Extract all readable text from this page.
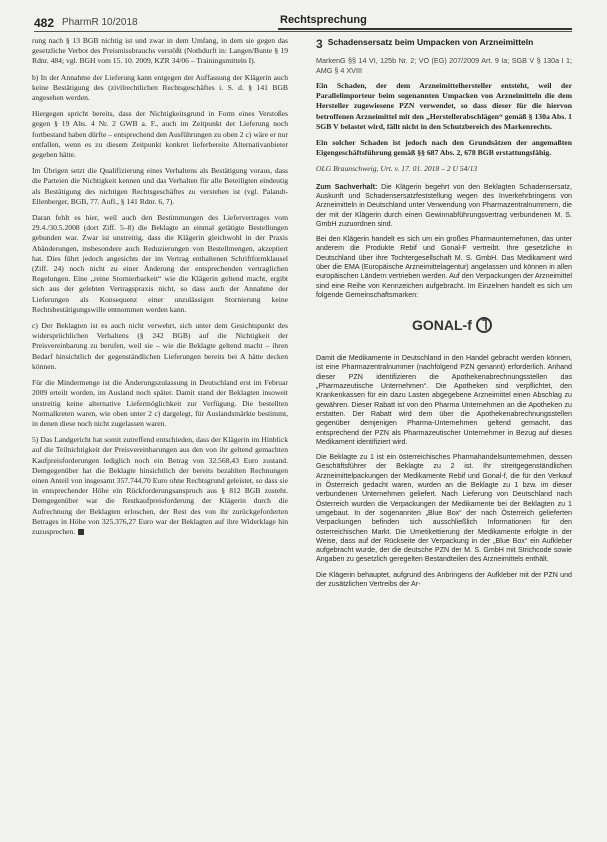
482 PharmR 10/2018	Rechtsprechung

rung nach § 13 BGB nichtig ist und zwar in dem Umfang, in dem sie gegen das gesetzliche Verbot des Preismissbrauchs verstößt (Nothdurft in: Langen/Bunte § 19 Rdnr. 484; vgl. BGH vom 15. 10. 2009, KZR 34/06 – Trainingsmitteln I).

b) In der Annahme der Lieferung kann entgegen der Auffassung der Klägerin auch keine Bestätigung des (zivilrechtlichen Rechtsgeschäftes i. S. d. § 141 BGB angesehen werden.

Hiergegen spricht bereits, dass der Nichtigkeitsgrund in Form eines Verstoßes gegen § 19 Abs. 4 Nr. 2 GWB a. F., auch im Zeitpunkt der Lieferung noch fortbestand haben dürfte – entsprechend den Ausführungen zu oben 2 c) wäre er nur entfallen, wenn es zu diesem Zeitpunkt konkret lieferbereite Alternativanbieter gegeben hätte.

Im Übrigen setzt die Qualifizierung eines Verhaltens als Bestätigung voraus, dass die Parteien die Nichtigkeit kennen und das Verhalten für alle Beteiligten eindeutig als Bestätigung des nichtigen Rechtsgeschäftes zu verstehen ist (vgl. Palandt-Ellenberger, BGB, 77. Aufl., § 141 Rdnr. 6, 7).

Daran fehlt es hier, weil auch den Bestimmungen des Liefervertrages vom 29.4./30.5.2008 (dort Ziff. 5–8) die Beklagte an einmal getätigte Bestellungen gebunden war. Zwar ist unstreitig, dass die Klägerin gleichwohl in der Praxis Abänderungen, insbesondere auch Reduzierungen von Bestellmengen, akzeptiert hat. Dies führt jedoch angesichts der im Vertrag enthaltenen Schriftformklausel (Ziff. 24) noch nicht zu einer Änderung der entsprechenden vertraglichen Regelungen. Eine „reine Stornierbarkeit“ wie die Klägerin geltend macht, ergibt sich aus der gelebten Vertragspraxis nicht, so dass auch der Annahme der Lieferungen als Konsequenz einer unzulässigen Stornierung keine Rechtsbestätigungswille entnommen werden kann.

c) Der Beklagten ist es auch nicht verwehrt, sich unter dem Gesichtspunkt des widersprüchlichen Verhaltens (§ 242 BGB) auf die Nichtigkeit der Preisvereinbarung zu berufen, weil sie – wie die Beklagte geltend macht – ihren Bedarf hinsichtlich der gegenständlichen Lieferungen bereits bei A hätte decken können.

Für die Mindermenge ist die Änderungszulassung in Deutschland erst im Februar 2009 erteilt worden, im Ausland noch später. Damit stand der Beklagten insoweit unstreitig keine alternative Liefermöglichkeit zur Verfügung. Die bestellten Normalkreten waren, wie oben unter 2 c) dargelegt, für Auslandsmärkte bestimmt, in denen diese noch nicht zugelassen waren.

5) Das Landgericht hat somit zutreffend entschieden, dass der Klägerin im Hinblick auf die Teilnichtigkeit der Preisvereinbarungen aus den von ihr geltend gemachten Kaufpreisforderungen lediglich noch ein Betrag von 32.568,43 Euro zustand. Demgegenüber hat die Beklagte hinsichtlich der bereits bezahlten Rechnungen einen Anteil von insgesamt 357.744,70 Euro ohne Rechtsgrund geleistet, so dass sie in entsprechender Höhe ein Rückforderungsanspruch aus § 812 BGB zusteht. Demgegenüber war die Restkaufpreisforderung der Klägerin durch die Aufrechnung der Beklagten erloschen, der Rest des von ihr zurückgeforderten Betrages in Höhe von 325.376,27 Euro war der Beklagten auf ihre Widerklage hin zuzusprechen.

3 Schadensersatz beim Umpacken von Arzneimitteln
MarkenG §§ 14 VI, 125b Nr. 2; VO (EG) 207/2009 Art. 9 Ia; SGB V § 130a I 1; AMG § 4 XVIII

Ein Schaden, der dem Arzneimittelhersteller entsteht, weil der Parallelimporteur beim sogenannten Umpacken von Arzneimitteln die dem Hersteller zugewiesene PZN verwendet, so dass dieser für die hiervon betroffenen Arzneimittel mit den „Herstellerabschlägen“ gemäß § 130a Abs. 1 SGB V belastet wird, fällt nicht in den Schutzbereich des Markenrechts.

Ein solcher Schaden ist jedoch nach den Grundsätzen der angemaßten Eigengeschäftsführung gemäß §§ 687 Abs. 2, 678 BGB erstattungsfähig.

OLG Braunschweig, Urt. v. 17. 01. 2018 – 2 U 54/13

Zum Sachverhalt: Die Klägerin begehrt von den Beklagten Schadensersatz, Auskunft und Schadensersatzfeststellung wegen des Inverkehrbringens von Arzneimitteln in Deutschland unter Verwendung von Pharmazentralnummern, die der mit der Klägerin durch einen Gewinnabführungsvertrag verbundenen M. S. GmbH zuzuordnen sind.

Bei den Klägerin handelt es sich um ein großes Pharmaunternehmen, das unter anderem die Produkte Rebif und Gonal-F vertreibt. Ihre gesetzliche in Deutschland über ihre Tochtergesellschaft M. S. GmbH. Das Medikament wird über die EMA (Europäische Arzneimittelagentur) angelassen und können in allen europäischen Ländern vertrieben werden. Auf den Verpackungen der Arzneimittel sind eine Reihe von Kennzeichen aufgebracht. Im Einzelnen handelt es sich um folgende Gemeinschaftsmarken:

GONAL-f

Damit die Medikamente in Deutschland in den Handel gebracht werden können, ist eine Pharmazentralnummer (nachfolgend PZN genannt) erforderlich. Anhand dieser PZN identifizieren die Apothekenabrechnungsstellen das „Pharmazeutische Unternehmen“. Die Apotheken sind verpflichtet, den Krankenkassen für ein dazu Lasten abgegebene Arzneimittel einen Abschlag zu gewähren. Dieser Rabatt ist von den Pharma Unternehmen an die Apotheken zu erstatten. Der Rabatt wird dem über die Apothekenabrechnungsstellen gegenüber demjenigen Pharma-Unternehmen geltend gemacht, das entsprechend der PZN als Pharmazeutischer Unternehmer in Bezug auf dieses Medikament identifiziert wird.

Die Beklagte zu 1 ist ein österreichisches Pharmahandelsunternehmen, dessen Geschäftsführer der Beklagte zu 2 ist. Ihr streitgegenständlichen Arzneimittelpackungen der Medikamente Rebif und Gonal-f, die für den Verkauf in Österreich gedacht waren, wurden an die Beklagte zu 1 bzw. im dieser verbundenen Unternehmen geliefert. Nach Lieferung von Deutschland nach Österreich wurden die Verpackungen der Medikamente bei der Beklagten zu 1 umgebaut. In der sogenannten „Blue Box“ der nach Österreich gelieferten Verpackungen befinden sich ausschließlich Informationen für den österreichischen Markt. Die Umetikettierung der Medikamente erfolgte in der Weise, dass auf der Rückseite der Verpackung in der „Blue Box“ ein Aufkleber aufgebracht wurde, der die deutsche PZN der M. S. GmbH mit Strichcode sowie Angaben zu gesetzlich geregelten Bestandteilen des Arzneimittels enthält.

Die Klägerin behauptet, aufgrund des Anbringens der Aufkleber mit der PZN und der zusätzlichen Vertreibs der Ar-
